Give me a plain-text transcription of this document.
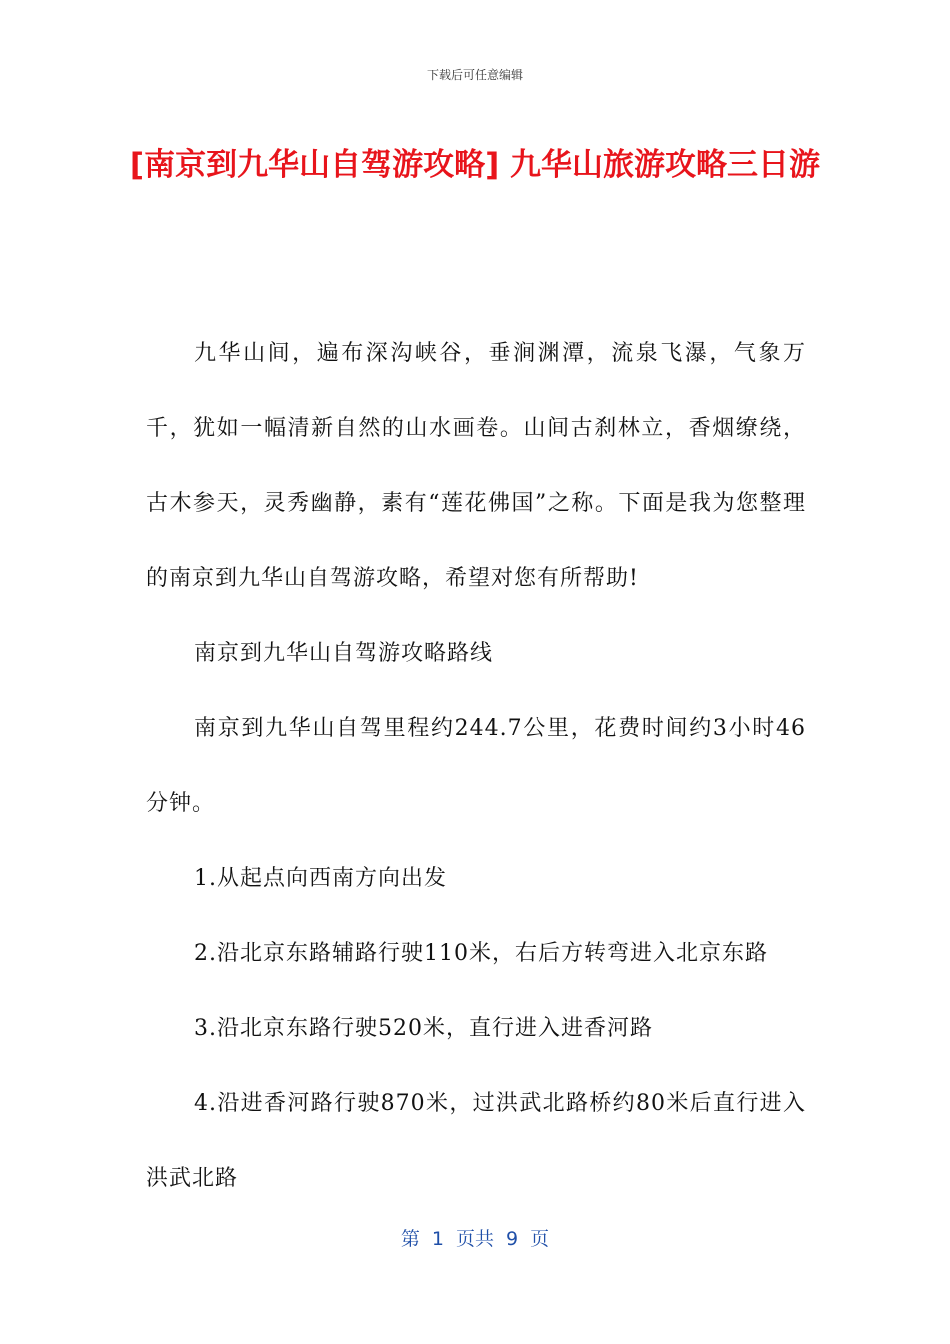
下载后可任意编辑
[南京到九华山自驾游攻略] 九华山旅游攻略三日游

九华山间，遍布深沟峡谷，垂涧渊潭，流泉飞瀑，气象万千，犹如一幅清新自然的山水画卷。山间古刹林立，香烟缭绕，古木参天，灵秀幽静，素有“莲花佛国”之称。下面是我为您整理的南京到九华山自驾游攻略，希望对您有所帮助!

南京到九华山自驾游攻略路线

南京到九华山自驾里程约244.7公里，花费时间约3小时46分钟。

1.从起点向西南方向出发

2.沿北京东路辅路行驶110米，右后方转弯进入北京东路

3.沿北京东路行驶520米，直行进入进香河路

4.沿进香河路行驶870米，过洪武北路桥约80米后直行进入洪武北路

第 1 页共 9 页
